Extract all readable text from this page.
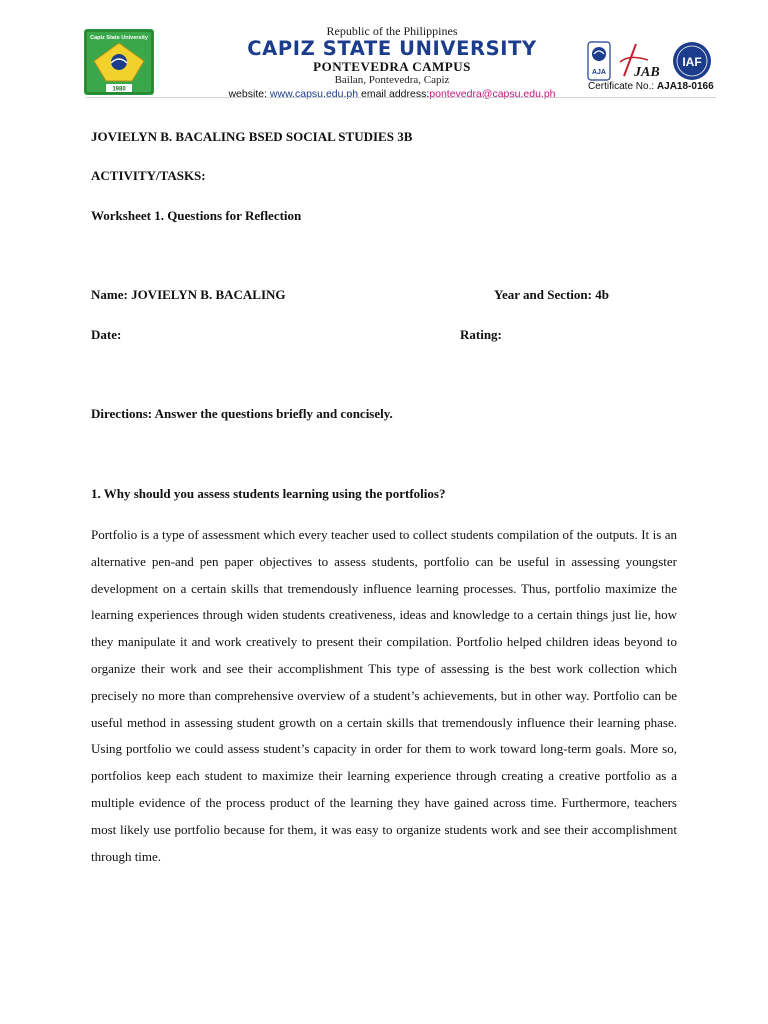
Capiz State University
1980
Republic of the Philippines
CAPIZ STATE UNIVERSITY
PONTEVEDRA CAMPUS
Bailan, Pontevedra, Capiz
website: www.capsu.edu.ph email address:pontevedra@capsu.edu.ph
AJA JAB
IAF
Certificate No.: AJA18-0166
JOVIELYN B. BACALING BSED SOCIAL STUDIES 3B
ACTIVITY/TASKS:
Worksheet 1. Questions for Reflection
Name: JOVIELYN B. BACALING	Year and Section: 4b
Date:	Rating:
Directions: Answer the questions briefly and concisely.
1. Why should you assess students learning using the portfolios?

Portfolio is a type of assessment which every teacher used to collect students compilation of the outputs. It is an alternative pen-and pen paper objectives to assess students, portfolio can be useful in assessing youngster development on a certain skills that tremendously influence learning processes. Thus, portfolio maximize the learning experiences through widen students creativeness, ideas and knowledge to a certain things just lie, how they manipulate it and work creatively to present their compilation. Portfolio helped children ideas beyond to organize their work and see their accomplishment This type of assessing is the best work collection which precisely no more than comprehensive overview of a student’s achievements, but in other way. Portfolio can be useful method in assessing student growth on a certain skills that tremendously influence their learning phase. Using portfolio we could assess student’s capacity in order for them to work toward long-term goals. More so, portfolios keep each student to maximize their learning experience through creating a creative portfolio as a multiple evidence of the process product of the learning they have gained across time. Furthermore, teachers most likely use portfolio because for them, it was easy to organize students work and see their accomplishment through time.
